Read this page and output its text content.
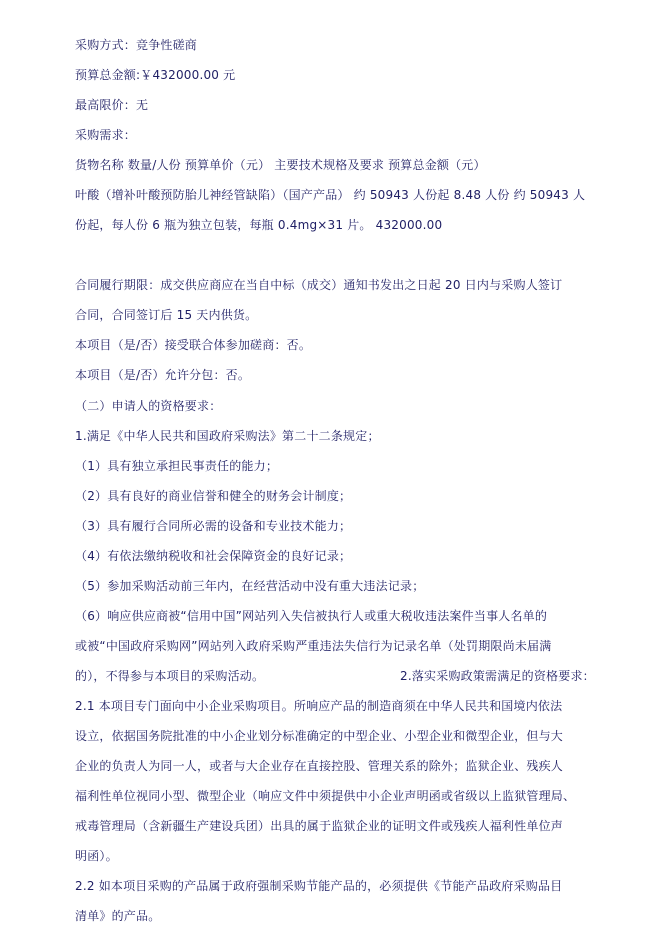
采购方式：竞争性磋商
预算总金额:￥432000.00 元
最高限价：无
采购需求：
货物名称 数量/人份 预算单价（元） 主要技术规格及要求 预算总金额（元）
叶酸（增补叶酸预防胎儿神经管缺陷）（国产产品） 约 50943 人份起 8.48 人份 约 50943 人
份起，每人份 6 瓶为独立包装，每瓶 0.4mg×31 片。 432000.00
合同履行期限：成交供应商应在当自中标（成交）通知书发出之日起 20 日内与采购人签订
合同，合同签订后 15 天内供货。
本项目（是/否）接受联合体参加磋商：否。
本项目（是/否）允许分包：否。
（二）申请人的资格要求：
1.满足《中华人民共和国政府采购法》第二十二条规定；
（1）具有独立承担民事责任的能力；
（2）具有良好的商业信誉和健全的财务会计制度；
（3）具有履行合同所必需的设备和专业技术能力；
（4）有依法缴纳税收和社会保障资金的良好记录；
（5）参加采购活动前三年内，在经营活动中没有重大违法记录；
（6）响应供应商被“信用中国”网站列入失信被执行人或重大税收违法案件当事人名单的
或被“中国政府采购网”网站列入政府采购严重违法失信行为记录名单（处罚期限尚未届满
的），不得参与本项目的采购活动。	2.落实采购政策需满足的资格要求：
2.1 本项目专门面向中小企业采购项目。所响应产品的制造商须在中华人民共和国境内依法
设立，依据国务院批准的中小企业划分标准确定的中型企业、小型企业和微型企业，但与大
企业的负责人为同一人，或者与大企业存在直接控股、管理关系的除外；监狱企业、残疾人
福利性单位视同小型、微型企业（响应文件中须提供中小企业声明函或省级以上监狱管理局、
戒毒管理局（含新疆生产建设兵团）出具的属于监狱企业的证明文件或残疾人福利性单位声
明函）。
2.2 如本项目采购的产品属于政府强制采购节能产品的，必须提供《节能产品政府采购品目
清单》的产品。
